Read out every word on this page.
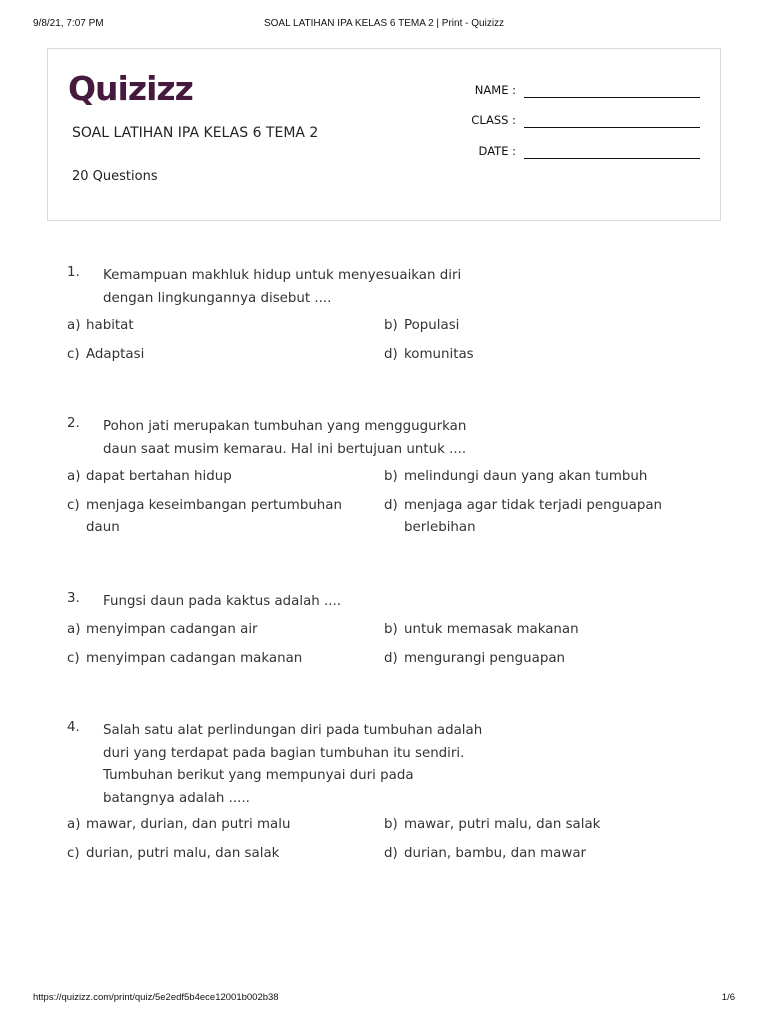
9/8/21, 7:07 PM	SOAL LATIHAN IPA KELAS 6 TEMA 2 | Print - Quizizz
Quizizz
SOAL LATIHAN IPA KELAS 6 TEMA 2
20 Questions
NAME :
CLASS :
DATE :
1. Kemampuan makhluk hidup untuk menyesuaikan diri
dengan lingkungannya disebut ....
a) habitat	b) Populasi
c) Adaptasi	d) komunitas
2. Pohon jati merupakan tumbuhan yang menggugurkan
daun saat musim kemarau. Hal ini bertujuan untuk ....
a) dapat bertahan hidup	b) melindungi daun yang akan tumbuh
c) menjaga keseimbangan pertumbuhan
daun
d) menjaga agar tidak terjadi penguapan
berlebihan
3. Fungsi daun pada kaktus adalah ....
a) menyimpan cadangan air	b) untuk memasak makanan
c) menyimpan cadangan makanan	d) mengurangi penguapan
4. Salah satu alat perlindungan diri pada tumbuhan adalah
duri yang terdapat pada bagian tumbuhan itu sendiri.
Tumbuhan berikut yang mempunyai duri pada
batangnya adalah .....
a) mawar, durian, dan putri malu	b) mawar, putri malu, dan salak
c) durian, putri malu, dan salak	d) durian, bambu, dan mawar
https://quizizz.com/print/quiz/5e2edf5b4ece12001b002b38	1/6
